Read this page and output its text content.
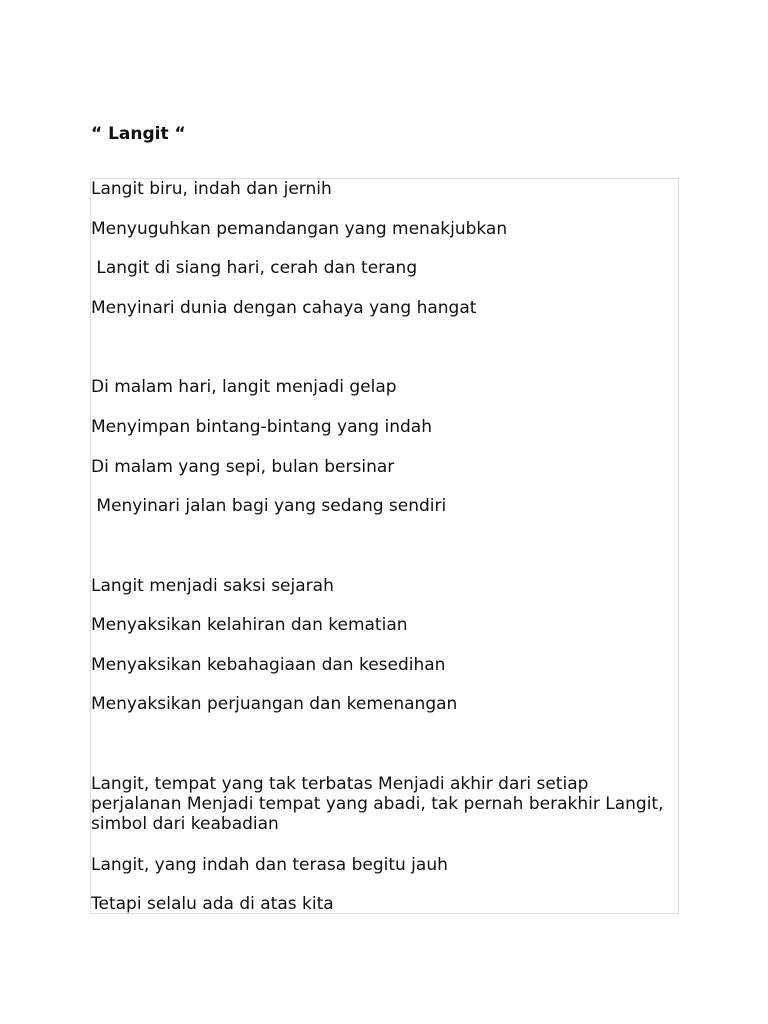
“ Langit “
Langit biru, indah dan jernih
Menyuguhkan pemandangan yang menakjubkan
Langit di siang hari, cerah dan terang
Menyinari dunia dengan cahaya yang hangat
Di malam hari, langit menjadi gelap
Menyimpan bintang-bintang yang indah
Di malam yang sepi, bulan bersinar
Menyinari jalan bagi yang sedang sendiri
Langit menjadi saksi sejarah
Menyaksikan kelahiran dan kematian
Menyaksikan kebahagiaan dan kesedihan
Menyaksikan perjuangan dan kemenangan
Langit, tempat yang tak terbatas Menjadi akhir dari setiap perjalanan Menjadi tempat yang abadi, tak pernah berakhir Langit, simbol dari keabadian
Langit, yang indah dan terasa begitu jauh
Tetapi selalu ada di atas kita
